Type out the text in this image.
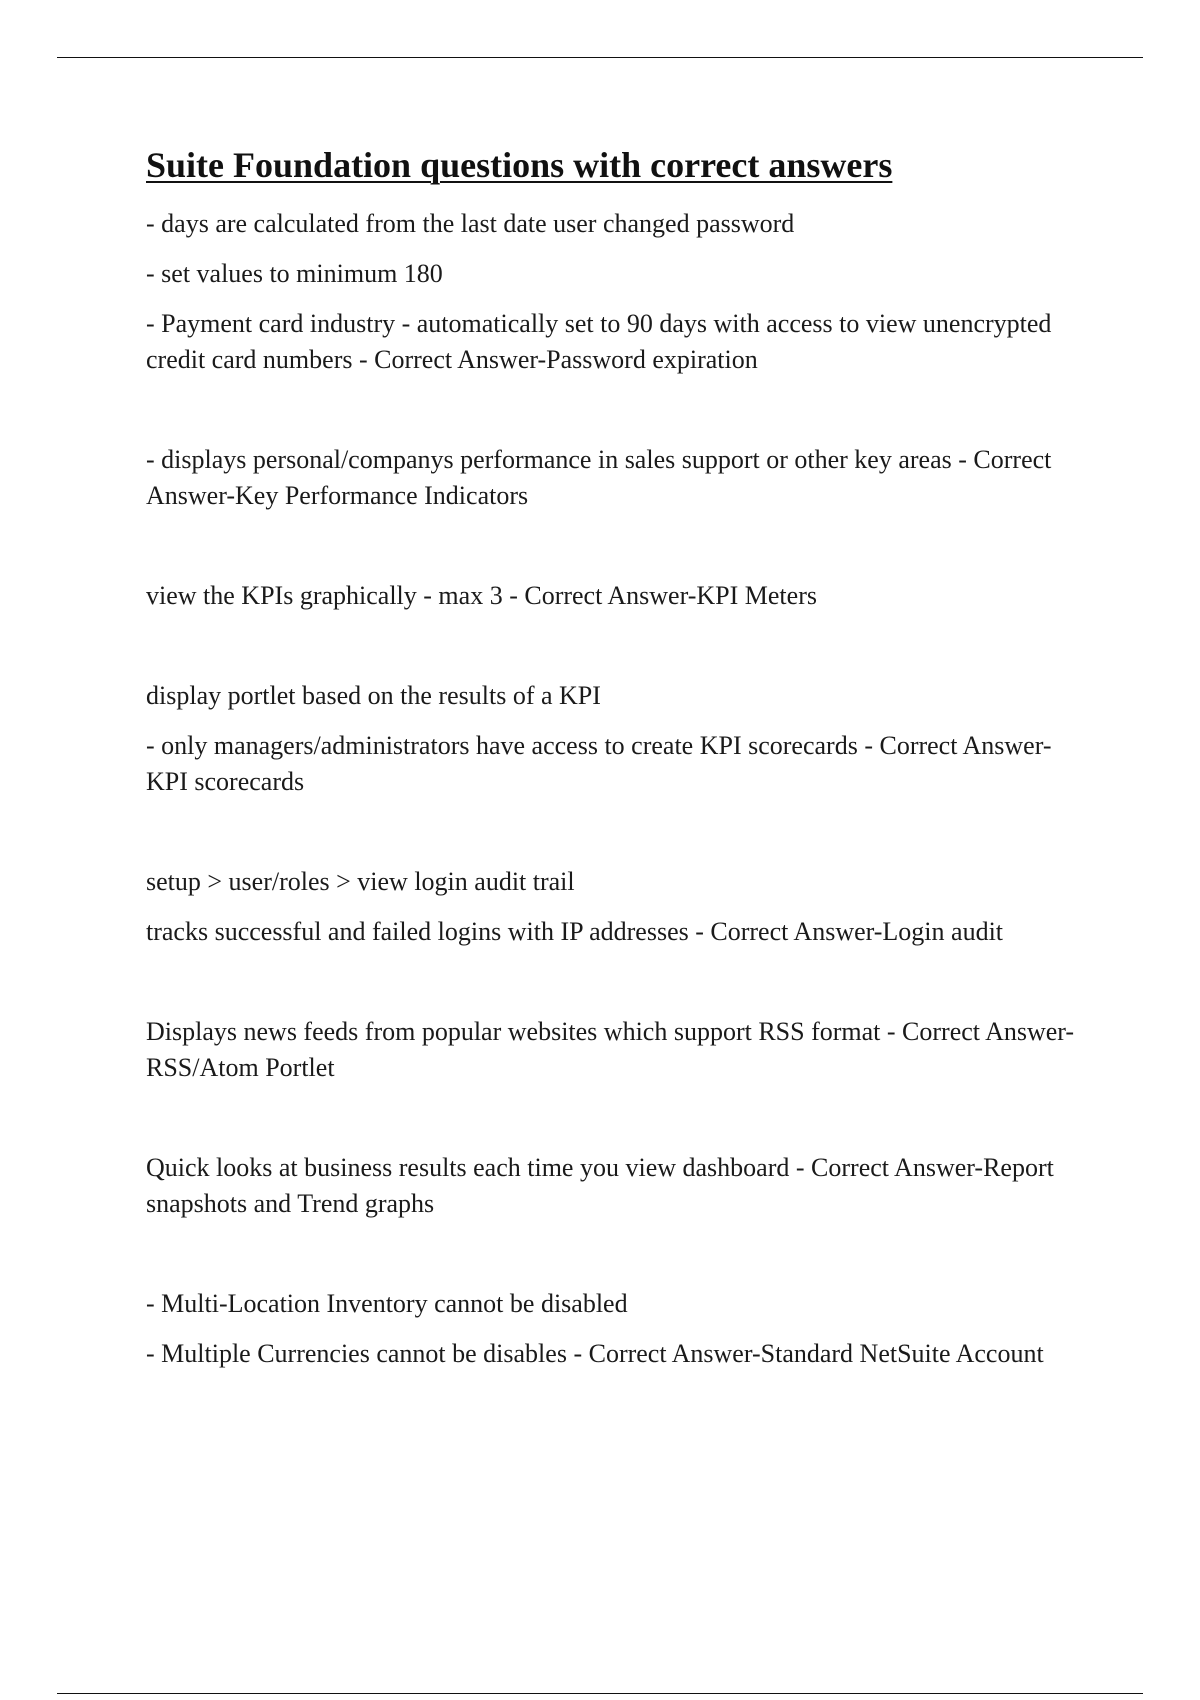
Suite Foundation questions with correct answers

- days are calculated from the last date user changed password

- set values to minimum 180

- Payment card industry - automatically set to 90 days with access to view unencrypted credit card numbers - Correct Answer-Password expiration

- displays personal/companys performance in sales support or other key areas - Correct Answer-Key Performance Indicators

view the KPIs graphically - max 3 - Correct Answer-KPI Meters

display portlet based on the results of a KPI

- only managers/administrators have access to create KPI scorecards - Correct Answer-KPI scorecards

setup > user/roles > view login audit trail

tracks successful and failed logins with IP addresses - Correct Answer-Login audit

Displays news feeds from popular websites which support RSS format - Correct Answer-RSS/Atom Portlet

Quick looks at business results each time you view dashboard - Correct Answer-Report snapshots and Trend graphs

- Multi-Location Inventory cannot be disabled

- Multiple Currencies cannot be disables - Correct Answer-Standard NetSuite Account
